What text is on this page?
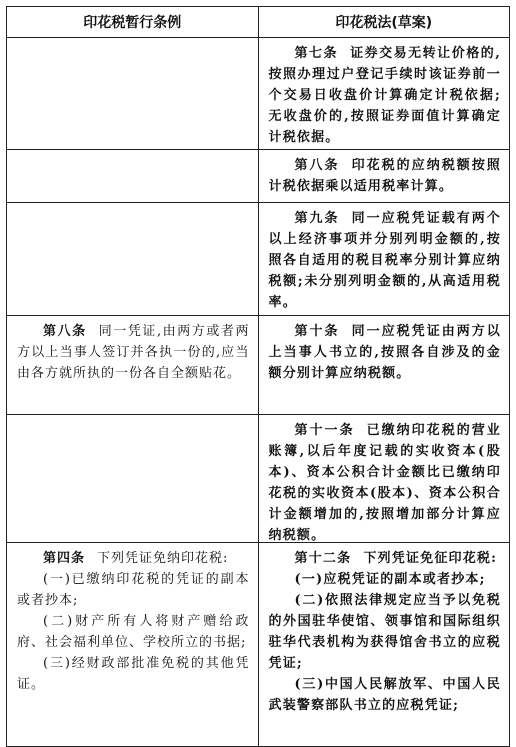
印花税暂行条例	印花税法(草案)
第七条 证券交易无转让价格的,按照办理过户登记手续时该证券前一个交易日收盘价计算确定计税依据;无收盘价的,按照证券面值计算确定计税依据。
第八条 印花税的应纳税额按照计税依据乘以适用税率计算。
第九条 同一应税凭证载有两个以上经济事项并分别列明金额的,按照各自适用的税目税率分别计算应纳税额;未分别列明金额的,从高适用税率。
第八条 同一凭证,由两方或者两方以上当事人签订并各执一份的,应当由各方就所执的一份各自全额贴花。
第十条 同一应税凭证由两方以上当事人书立的,按照各自涉及的金额分别计算应纳税额。
第十一条 已缴纳印花税的营业账簿,以后年度记载的实收资本(股本)、资本公积合计金额比已缴纳印花税的实收资本(股本)、资本公积合计金额增加的,按照增加部分计算应纳税额。
第四条 下列凭证免纳印花税:
(一)已缴纳印花税的凭证的副本或者抄本;
(二)财产所有人将财产赠给政府、社会福利单位、学校所立的书据;
(三)经财政部批准免税的其他凭证。
第十二条 下列凭证免征印花税:
(一)应税凭证的副本或者抄本;
(二)依照法律规定应当予以免税的外国驻华使馆、领事馆和国际组织驻华代表机构为获得馆舍书立的应税凭证;
(三)中国人民解放军、中国人民武装警察部队书立的应税凭证;
